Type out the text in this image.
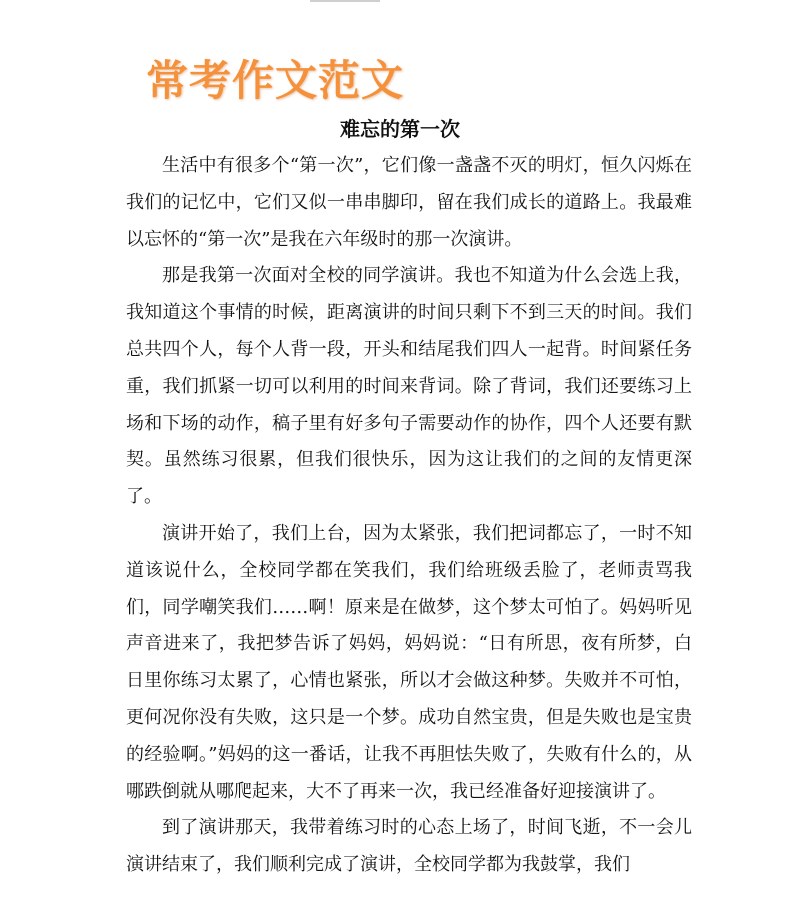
常考作文范文
难忘的第一次

生活中有很多个“第一次”，它们像一盏盏不灭的明灯，恒久闪烁在我们的记忆中，它们又似一串串脚印，留在我们成长的道路上。我最难以忘怀的“第一次”是我在六年级时的那一次演讲。

那是我第一次面对全校的同学演讲。我也不知道为什么会选上我，我知道这个事情的时候，距离演讲的时间只剩下不到三天的时间。我们总共四个人，每个人背一段，开头和结尾我们四人一起背。时间紧任务重，我们抓紧一切可以利用的时间来背词。除了背词，我们还要练习上场和下场的动作，稿子里有好多句子需要动作的协作，四个人还要有默契。虽然练习很累，但我们很快乐，因为这让我们的之间的友情更深了。

演讲开始了，我们上台，因为太紧张，我们把词都忘了，一时不知道该说什么，全校同学都在笑我们，我们给班级丢脸了，老师责骂我们，同学嘲笑我们……啊！原来是在做梦，这个梦太可怕了。妈妈听见声音进来了，我把梦告诉了妈妈，妈妈说：“日有所思，夜有所梦，白日里你练习太累了，心情也紧张，所以才会做这种梦。失败并不可怕，更何况你没有失败，这只是一个梦。成功自然宝贵，但是失败也是宝贵的经验啊。”妈妈的这一番话，让我不再胆怯失败了，失败有什么的，从哪跌倒就从哪爬起来，大不了再来一次，我已经准备好迎接演讲了。

到了演讲那天，我带着练习时的心态上场了，时间飞逝，不一会儿演讲结束了，我们顺利完成了演讲，全校同学都为我鼓掌，我们
